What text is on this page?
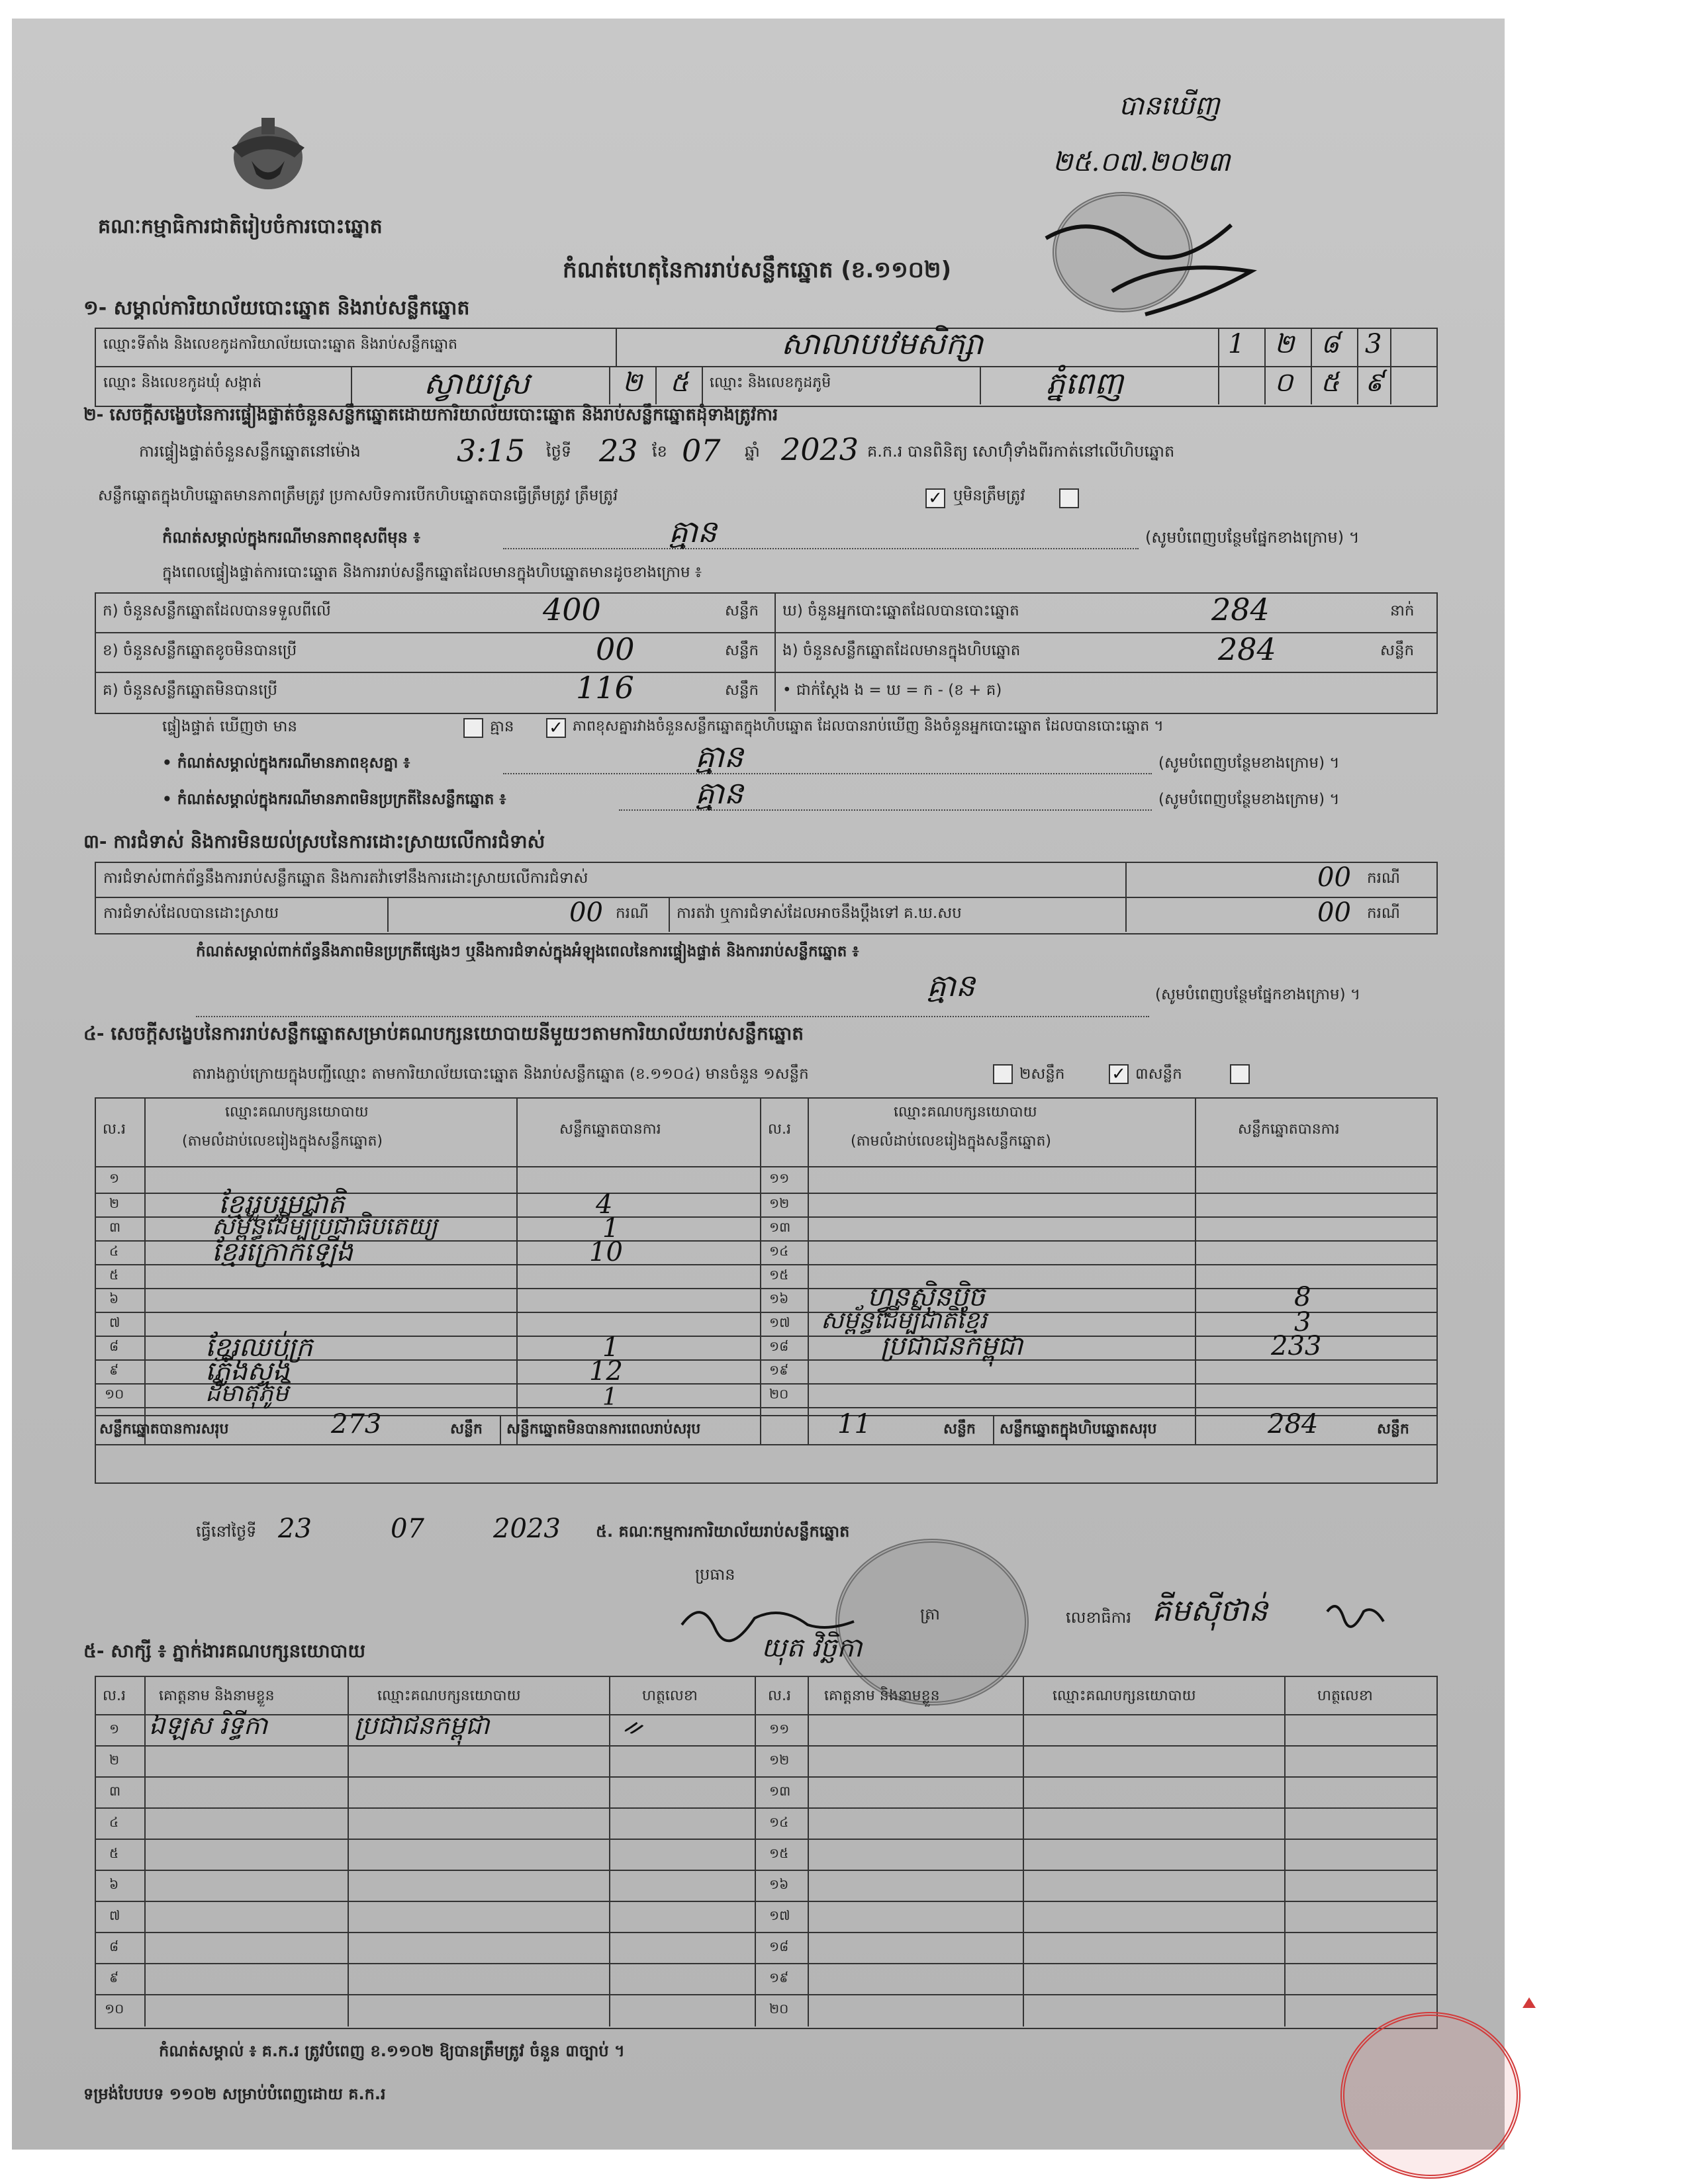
គណៈកម្មាធិការជាតិរៀបចំការបោះឆ្នោត
កំណត់ហេតុនៃការរាប់សន្លឹកឆ្នោត (ខ.១១០២)
បានឃើញ
២៥.០៧.២០២៣
១- សម្គាល់ការិយាល័យបោះឆ្នោត និងរាប់សន្លឹកឆ្នោត
ឈ្មោះទីតាំង និងលេខកូដការិយាល័យបោះឆ្នោត និងរាប់សន្លឹកឆ្នោត	សាលាបឋមសិក្សា	1 ២ ៨ 3
ឈ្មោះ និងលេខកូដឃុំ សង្កាត់	ស្វាយស្រ	២ ៥ ឈ្មោះ និងលេខកូដភូមិ	ភ្នំពេញ	០ ៥ ៩
២- សេចក្តីសង្ខេបនៃការផ្ទៀងផ្ទាត់ចំនួនសន្លឹកឆ្នោតដោយការិយាល័យបោះឆ្នោត និងរាប់សន្លឹកឆ្នោតដុំទាងត្រូវការ
ការផ្ទៀងផ្ទាត់ចំនួនសន្លឹកឆ្នោតនៅម៉ោង	3:15 ថ្ងៃទី 23 ខែ 07 ឆ្នាំ 2023 គ.ក.រ បានពិនិត្យ សោហ៊ុំទាំងពីរកាត់នៅលើហិបឆ្នោត
សន្លឹកឆ្នោតក្នុងហិបឆ្នោតមានភាពត្រឹមត្រូវ ប្រកាសបិទការបើកហិបឆ្នោតបានធ្វើត្រឹមត្រូវ ត្រឹមត្រូវ	✓ ឬមិនត្រឹមត្រូវ
កំណត់សម្គាល់ក្នុងករណីមានភាពខុសពីមុន ៖	គ្មាន	(សូមបំពេញបន្ថែមផ្នែកខាងក្រោម) ។
ក្នុងពេលផ្ទៀងផ្ទាត់ការបោះឆ្នោត និងការរាប់សន្លឹកឆ្នោតដែលមានក្នុងហិបឆ្នោតមានដូចខាងក្រោម ៖
ក) ចំនួនសន្លឹកឆ្នោតដែលបានទទួលពីលើ	400	សន្លឹក
ខ) ចំនួនសន្លឹកឆ្នោតខូចមិនបានប្រើ	00	សន្លឹក
គ) ចំនួនសន្លឹកឆ្នោតមិនបានប្រើ	116	សន្លឹក
ឃ) ចំនួនអ្នកបោះឆ្នោតដែលបានបោះឆ្នោត	284	នាក់
ង) ចំនួនសន្លឹកឆ្នោតដែលមានក្នុងហិបឆ្នោត	284	សន្លឹក
• ជាក់ស្តែង ង = ឃ = ក - (ខ + គ)
ផ្ទៀងផ្ទាត់ ឃើញថា មាន	គ្មាន ✓ ភាពខុសគ្នារវាងចំនួនសន្លឹកឆ្នោតក្នុងហិបឆ្នោត ដែលបានរាប់ឃើញ និងចំនួនអ្នកបោះឆ្នោត ដែលបានបោះឆ្នោត ។
• កំណត់សម្គាល់ក្នុងករណីមានភាពខុសគ្នា ៖	គ្មាន	(សូមបំពេញបន្ថែមខាងក្រោម) ។
• កំណត់សម្គាល់ក្នុងករណីមានភាពមិនប្រក្រតីនៃសន្លឹកឆ្នោត ៖	គ្មាន	(សូមបំពេញបន្ថែមខាងក្រោម) ។
៣- ការជំទាស់ និងការមិនយល់ស្របនៃការដោះស្រាយលើការជំទាស់
ការជំទាស់ពាក់ព័ន្ធនឹងការរាប់សន្លឹកឆ្នោត និងការតវ៉ាទៅនឹងការដោះស្រាយលើការជំទាស់	00 ករណី
ការជំទាស់ដែលបានដោះស្រាយ	00 ករណី ការតវ៉ា ឬការជំទាស់ដែលអាចនឹងប្ដឹងទៅ គ.ឃ.សប	00 ករណី
កំណត់សម្គាល់ពាក់ព័ន្ធនឹងភាពមិនប្រក្រតីផ្សេងៗ ឬនឹងការជំទាស់ក្នុងអំឡុងពេលនៃការផ្ទៀងផ្ទាត់ និងការរាប់សន្លឹកឆ្នោត ៖
គ្មាន	(សូមបំពេញបន្ថែមផ្នែកខាងក្រោម) ។
៤- សេចក្តីសង្ខេបនៃការរាប់សន្លឹកឆ្នោតសម្រាប់គណបក្សនយោបាយនីមួយៗតាមការិយាល័យរាប់សន្លឹកឆ្នោត
តារាងភ្ជាប់ក្រោយក្នុងបញ្ជីឈ្មោះ តាមការិយាល័យបោះឆ្នោត និងរាប់សន្លឹកឆ្នោត (ខ.១១០៤) មានចំនួន ១សន្លឹក	២សន្លឹក	✓ ៣សន្លឹក
ល.រ
ឈ្មោះគណបក្សនយោបាយ
(តាមលំដាប់លេខរៀងក្នុងសន្លឹកឆ្នោត)
សន្លឹកឆ្នោតបានការ	ល.រ
ឈ្មោះគណបក្សនយោបាយ
(តាមលំដាប់លេខរៀងក្នុងសន្លឹកឆ្នោត)
សន្លឹកឆ្នោតបានការ
១
២	ខ្មែររួបរួមជាតិ	4
៣	សម្ព័ន្ធដើម្បីប្រជាធិបតេយ្យ	1
៤	ខ្មែរក្រោកឡើង	10
៥
៦
៧
៨	ខ្មែរឈប់ក្រ	1
៩	ភ្លើងស្ទង់	12
១០	ដីមាតុភូមិ	1
១១
១២
១៣
១៤
១៥
១៦	ហ្វុនស៊ិនប៉ិច	8
១៧ សម្ព័ន្ធដើម្បីជាតិខ្មែរ	3
១៨	ប្រជាជនកម្ពុជា	233
១៩
២០
សន្លឹកឆ្នោតបានការសរុប	273	សន្លឹក សន្លឹកឆ្នោតមិនបានការពេលរាប់សរុប	11	សន្លឹក សន្លឹកឆ្នោតក្នុងហិបឆ្នោតសរុប	284	សន្លឹក
ធ្វើនៅថ្ងៃទី 23	07	2023 ៥. គណៈកម្មការការិយាល័យរាប់សន្លឹកឆ្នោត
ប្រធាន
ត្រា	លេខាធិការ គីមស៊ីថាន់
យុត វិច្ឆិកា
៥- សាក្សី ៖ ភ្នាក់ងារគណបក្សនយោបាយ
ល.រ គោត្តនាម និងនាមខ្លួន	ឈ្មោះគណបក្សនយោបាយ	ហត្ថលេខា	ល.រ គោត្តនាម និងនាមខ្លួន	ឈ្មោះគណបក្សនយោបាយ	ហត្ថលេខា
១ ឯឡស រិទ្ធីកា	ប្រជាជនកម្ពុជា	ᨀ
២
៣
៤
៥
៦
៧
៨
៩
១០
១១
១២
១៣
១៤
១៥
១៦
១៧
១៨
១៩
២០
កំណត់សម្គាល់ ៖ គ.ក.រ ត្រូវបំពេញ ខ.១១០២ ឱ្យបានត្រឹមត្រូវ ចំនួន ៣ច្បាប់ ។
ទម្រង់បែបបទ ១១០២ សម្រាប់បំពេញដោយ គ.ក.រ
